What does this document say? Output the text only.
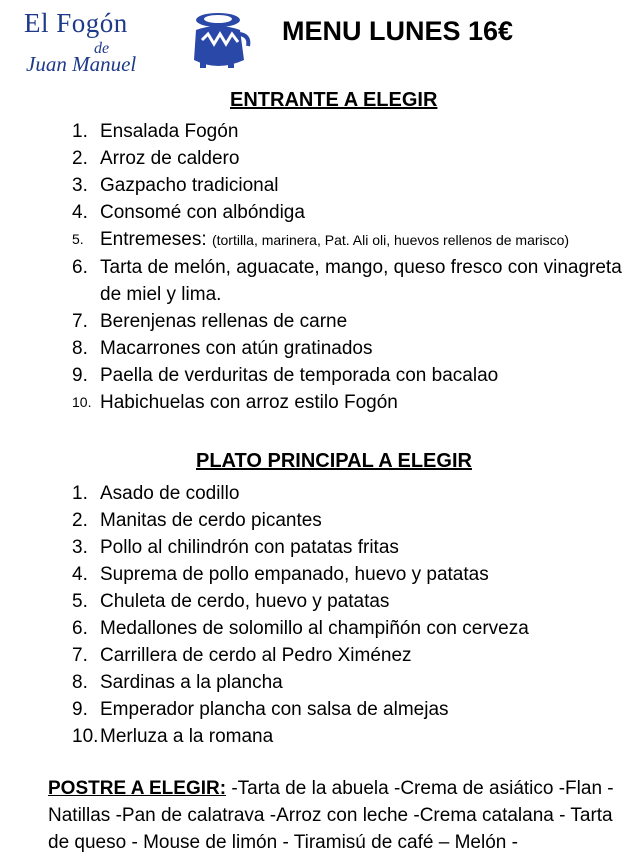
El Fogón
de
Juan Manuel
MENU LUNES 16€
ENTRANTE A ELEGIR
1. Ensalada Fogón
2. Arroz de caldero
3. Gazpacho tradicional
4. Consomé con albóndiga
5. Entremeses: (tortilla, marinera, Pat. Ali oli, huevos rellenos de marisco)
6. Tarta de melón, aguacate, mango, queso fresco con vinagreta de miel y lima.
7. Berenjenas rellenas de carne
8. Macarrones con atún gratinados
9. Paella de verduritas de temporada con bacalao
10. Habichuelas con arroz estilo Fogón
PLATO PRINCIPAL A ELEGIR
1. Asado de codillo
2. Manitas de cerdo picantes
3. Pollo al chilindrón con patatas fritas
4. Suprema de pollo empanado, huevo y patatas
5. Chuleta de cerdo, huevo y patatas
6. Medallones de solomillo al champiñón con cerveza
7. Carrillera de cerdo al Pedro Ximénez
8. Sardinas a la plancha
9. Emperador plancha con salsa de almejas
10. Merluza a la romana
POSTRE A ELEGIR: -Tarta de la abuela -Crema de asiático -Flan - Natillas -Pan de calatrava -Arroz con leche -Crema catalana - Tarta de queso - Mouse de limón - Tiramisú de café – Melón -
